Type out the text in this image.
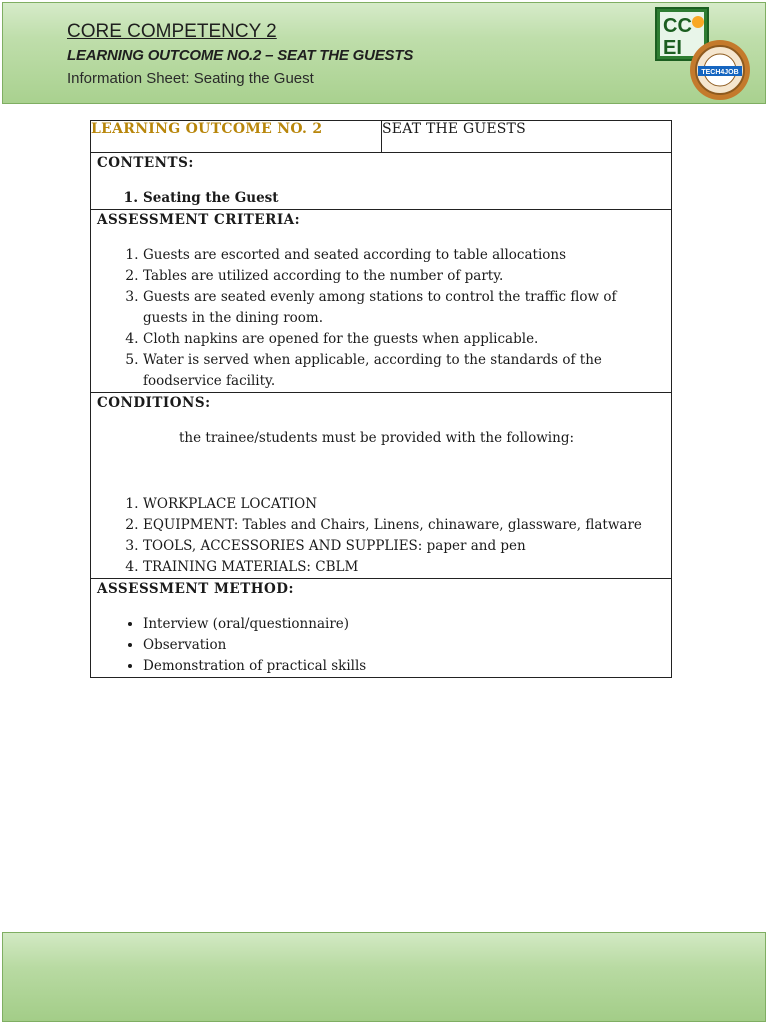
CORE COMPETENCY 2
LEARNING OUTCOME NO.2 – SEAT THE GUESTS
Information Sheet: Seating the Guest
CC
EI
TECH4JOB
LEARNING OUTCOME NO. 2	SEAT THE GUESTS

CONTENTS:
1. Seating the Guest

ASSESSMENT CRITERIA:
1. Guests are escorted and seated according to table allocations
2. Tables are utilized according to the number of party.
3. Guests are seated evenly among stations to control the traffic flow of guests in the dining room.
4. Cloth napkins are opened for the guests when applicable.
5. Water is served when applicable, according to the standards of the foodservice facility.

CONDITIONS:
the trainee/students must be provided with the following:
1. WORKPLACE LOCATION
2. EQUIPMENT: Tables and Chairs, Linens, chinaware, glassware, flatware
3. TOOLS, ACCESSORIES AND SUPPLIES: paper and pen
4. TRAINING MATERIALS: CBLM

ASSESSMENT METHOD:
• Interview (oral/questionnaire)
• Observation
• Demonstration of practical skills
